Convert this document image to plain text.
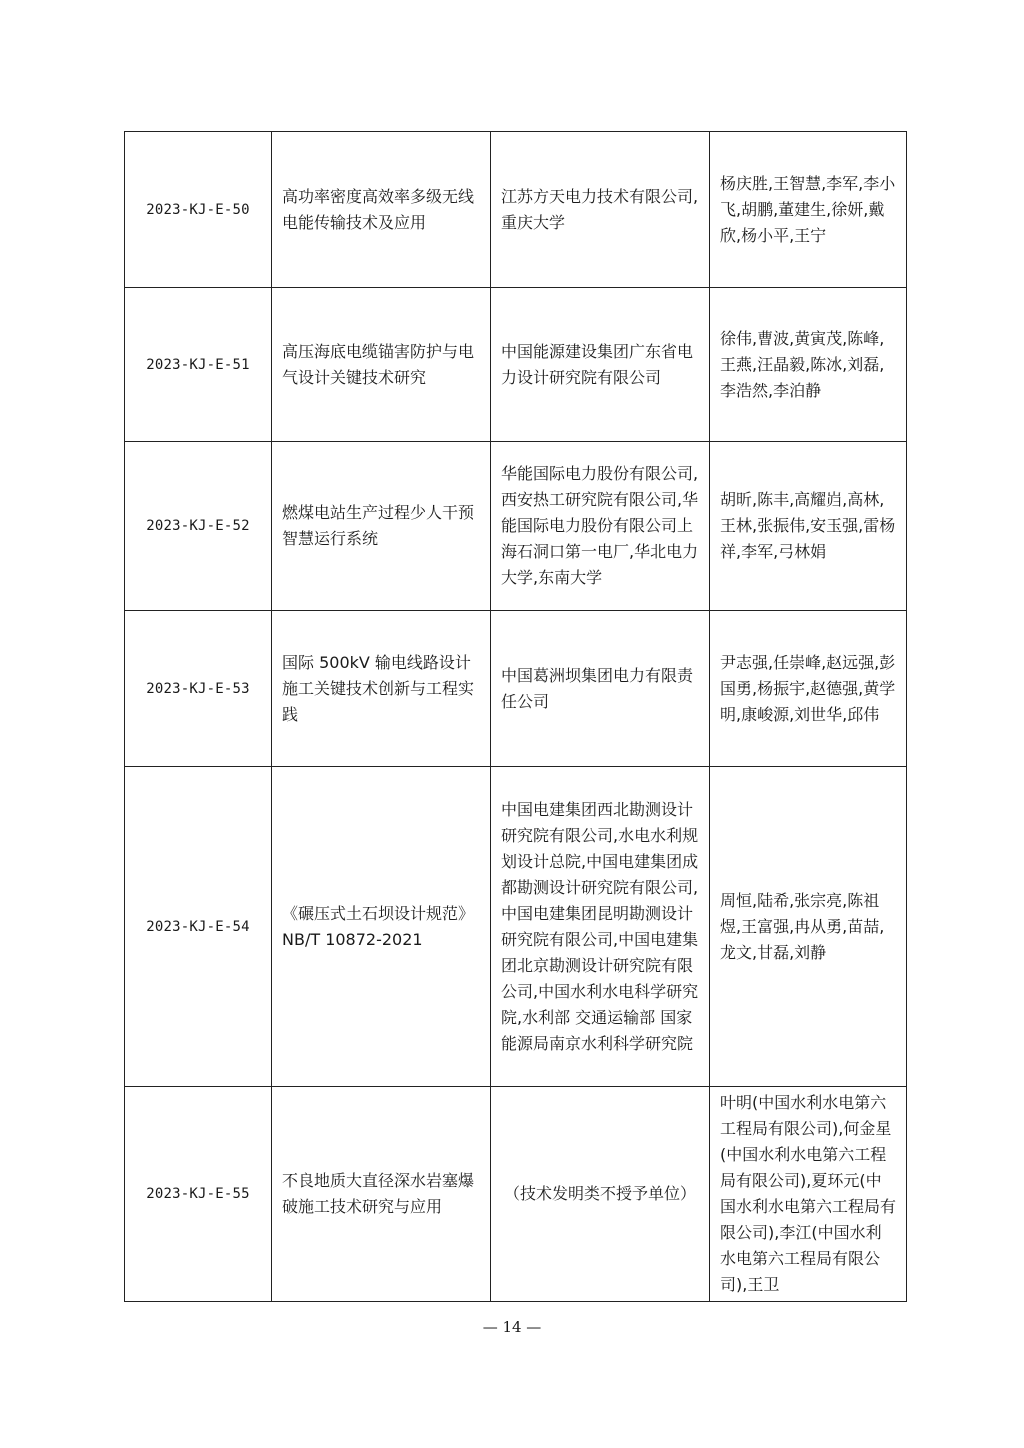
2023-KJ-E-50	高功率密度高效率多级无线电能传输技术及应用	江苏方天电力技术有限公司,重庆大学	杨庆胜,王智慧,李军,李小飞,胡鹏,董建生,徐妍,戴欣,杨小平,王宁
2023-KJ-E-51	高压海底电缆锚害防护与电气设计关键技术研究	中国能源建设集团广东省电力设计研究院有限公司	徐伟,曹波,黄寅茂,陈峰,王燕,汪晶毅,陈冰,刘磊,李浩然,李泊静
2023-KJ-E-52	燃煤电站生产过程少人干预智慧运行系统	华能国际电力股份有限公司,西安热工研究院有限公司,华能国际电力股份有限公司上海石洞口第一电厂,华北电力大学,东南大学	胡昕,陈丰,高耀岿,高林,王林,张振伟,安玉强,雷杨祥,李军,弓林娟
2023-KJ-E-53	国际 500kV 输电线路设计施工关键技术创新与工程实践	中国葛洲坝集团电力有限责任公司	尹志强,任崇峰,赵远强,彭国勇,杨振宇,赵德强,黄学明,康峻源,刘世华,邱伟
2023-KJ-E-54	《碾压式土石坝设计规范》NB/T 10872-2021	中国电建集团西北勘测设计研究院有限公司,水电水利规划设计总院,中国电建集团成都勘测设计研究院有限公司,中国电建集团昆明勘测设计研究院有限公司,中国电建集团北京勘测设计研究院有限公司,中国水利水电科学研究院,水利部 交通运输部 国家能源局南京水利科学研究院	周恒,陆希,张宗亮,陈祖煜,王富强,冉从勇,苗喆,龙文,甘磊,刘静
2023-KJ-E-55	不良地质大直径深水岩塞爆破施工技术研究与应用	（技术发明类不授予单位）	叶明(中国水利水电第六工程局有限公司),何金星(中国水利水电第六工程局有限公司),夏环元(中国水利水电第六工程局有限公司),李江(中国水利水电第六工程局有限公司),王卫
— 14 —
